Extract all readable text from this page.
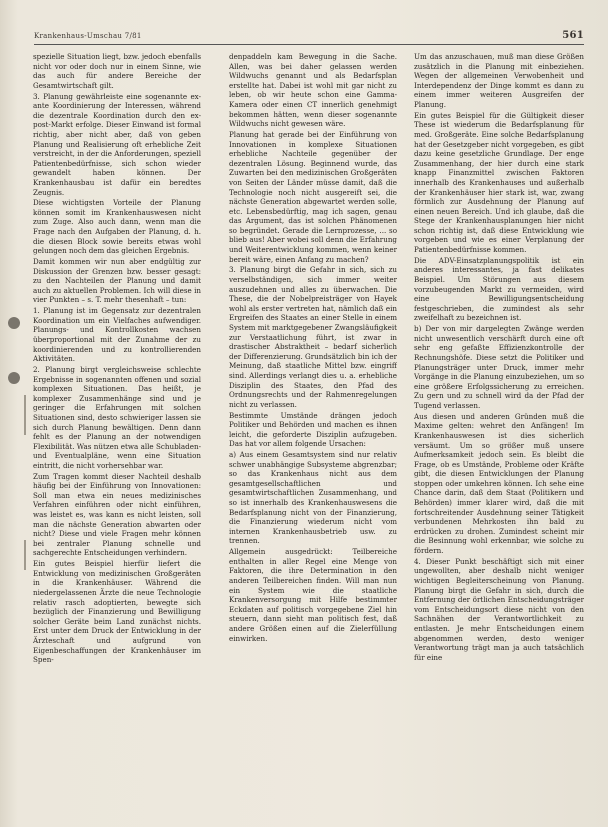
Krankenhaus-Umschau 7/81	561

spezielle Situation liegt, bzw. jedoch ebenfalls nicht vor oder doch nur in einem Sinne, wie das auch für andere Bereiche der Gesamtwirtschaft gilt.

3. Planung gewährleiste eine sogenannte ex-ante Koordinierung der Interessen, während die dezentrale Koordination durch den ex-post-Markt erfolge. Dieser Einwand ist formal richtig, aber nicht aber, daß von geben Planung und Realisierung oft erhebliche Zeit verstreicht, in der die Anforderungen, speziell Patientenbedürfnisse, sich schon wieder gewandelt haben können. Der Krankenhausbau ist dafür ein beredtes Zeugnis.

Diese wichtigsten Vorteile der Planung können somit im Krankenhauswesen nicht zum Zuge. Also auch dann, wenn man die Frage nach den Aufgaben der Planung, d. h. die diesen Block sowie bereits etwas wohl gelungen noch dem das gleichen Ergebnis.

Damit kommen wir nun aber endgültig zur Diskussion der Grenzen bzw. besser gesagt: zu den Nachteilen der Planung und damit auch zu aktuellen Problemen. Ich will diese in vier Punkten – s. T. mehr thesenhaft – tun:

1. Planung ist im Gegensatz zur dezentralen Koordination um ein Vielfaches aufwendiger. Planungs- und Kontrollkosten wachsen überproportional mit der Zunahme der zu koordinierenden und zu kontrollierenden Aktivitäten.

2. Planung birgt vergleichsweise schlechte Ergebnisse in sogenannten offenen und sozial komplexen Situationen. Das heißt, je komplexer Zusammenhänge sind und je geringer die Erfahrungen mit solchen Situationen sind, desto schwieriger lassen sie sich durch Planung bewältigen. Denn dann fehlt es der Planung an der notwendigen Flexibilität. Was nützen etwa alle Schubladen- und Eventualpläne, wenn eine Situation eintritt, die nicht vorhersehbar war.

Zum Tragen kommt dieser Nachteil deshalb häufig bei der Einführung von Innovationen: Soll man etwa ein neues medizinisches Verfahren einführen oder nicht einführen, was leistet es, was kann es nicht leisten, soll man die nächste Generation abwarten oder nicht? Diese und viele Fragen mehr können bei zentraler Planung schnelle und sachgerechte Entscheidungen verhindern.

Ein gutes Beispiel hierfür liefert die Entwicklung von medizinischen Großgeräten in die Krankenhäuser. Während die niedergelassenen Ärzte die neue Technologie relativ rasch adoptierten, bewegte sich bezüglich der Finanzierung und Bewilligung solcher Geräte beim Land zunächst nichts. Erst unter dem Druck der Entwicklung in der Ärzteschaft und aufgrund von Eigenbeschaffungen der Krankenhäuser im Spen-

denpaddeln kam Bewegung in die Sache. Allen, was bei daher gelassen werden Wildwuchs genannt und als Bedarfsplan erstellte hat. Dabei ist wohl mit gar nicht zu leben, ob wir heute schon eine Gamma-Kamera oder einen CT innerlich genehmigt bekommen hätten, wenn dieser sogenannte Wildwuchs nicht gewesen wäre.

Planung hat gerade bei der Einführung von Innovationen in komplexe Situationen erhebliche Nachteile gegenüber der dezentralen Lösung. Beginnend wurde, das Zuwarten bei den medizinischen Großgeräten von Seiten der Länder müsse damit, daß die Technologie noch nicht ausgereift sei, die nächste Generation abgewartet werden solle, etc. Lebensbedürftig, mag ich sagen, genau das Argument, das ist solchen Phänomenen so begründet. Gerade die Lernprozesse, ... so blieb aus! Aber wobei soll denn die Erfahrung und Weiterentwicklung kommen, wenn keiner bereit wäre, einen Anfang zu machen?

3. Planung birgt die Gefahr in sich, sich zu verselbständigen, sich immer weiter auszudehnen und alles zu überwachen. Die These, die der Nobelpreisträger von Hayek wohl als erster vertreten hat, nämlich daß ein Ergreifen des Staates an einer Stelle in einem System mit marktgegebener Zwangsläufigkeit zur Verstaatlichung führt, ist zwar in drastischer Abstraktheit – bedarf sicherlich der Differenzierung. Grundsätzlich bin ich der Meinung, daß staatliche Mittel bzw. eingriff sind. Allerdings verlangt dies u. a. erhebliche Disziplin des Staates, den Pfad des Ordnungsrechts und der Rahmenregelungen nicht zu verlassen.

Bestimmte Umstände drängen jedoch Politiker und Behörden und machen es ihnen leicht, die geforderte Disziplin aufzugeben. Das hat vor allem folgende Ursachen:

a) Aus einem Gesamtsystem sind nur relativ schwer unabhängige Subsysteme abgrenzbar; so das Krankenhaus nicht aus dem gesamtgesellschaftlichen und gesamtwirtschaftlichen Zusammenhang, und so ist innerhalb des Krankenhauswesens die Bedarfsplanung nicht von der Finanzierung, die Finanzierung wiederum nicht vom internen Krankenhausbetrieb usw. zu trennen.

Allgemein ausgedrückt: Teilbereiche enthalten in aller Regel eine Menge von Faktoren, die ihre Determination in den anderen Teilbereichen finden. Will man nun ein System wie die staatliche Krankenversorgung mit Hilfe bestimmter Eckdaten auf politisch vorgegebene Ziel hin steuern, dann sieht man politisch fest, daß andere Größen einen auf die Zielerfüllung einwirken.

Um das anzuschauen, muß man diese Größen zusätzlich in die Planung mit einbeziehen. Wegen der allgemeinen Verwobenheit und Interdependenz der Dinge kommt es dann zu einem immer weiteren Ausgreifen der Planung.

Ein gutes Beispiel für die Gültigkeit dieser These ist wiederum die Bedarfsplanung für med. Großgeräte. Eine solche Bedarfsplanung hat der Gesetzgeber nicht vorgegeben, es gibt dazu keine gesetzliche Grundlage. Der enge Zusammenhang, der hier durch eine stark knapp Finanzmittel zwischen Faktoren innerhalb des Krankenhauses und außerhalb der Krankenhäuser hier stark ist, war, zwang förmlich zur Ausdehnung der Planung auf einen neuen Bereich. Und ich glaube, daß die Stege der Krankenhausplanungen hier nicht schon richtig ist, daß diese Entwicklung wie vorgeben und wie es einer Verplanung der Patientenbedürfnisse kommen.

Die ADV-Einsatzplanungspolitik ist ein anderes interessantes, ja fast delikates Beispiel. Um Störungen aus diesem vorzubeugenden Markt zu vermeiden, wird eine Bewilligungsentscheidung festgeschrieben, die zumindest als sehr zweifelhaft zu bezeichnen ist.

b) Der von mir dargelegten Zwänge werden nicht unwesentlich verschärft durch eine oft sehr eng gefaßte Effizienzkontrolle der Rechnungshöfe. Diese setzt die Politiker und Planungsträger unter Druck, immer mehr Vorgänge in die Planung einzubeziehen, um so eine größere Erfolgssicherung zu erreichen. Zu gern und zu schnell wird da der Pfad der Tugend verlassen.

Aus diesen und anderen Gründen muß die Maxime gelten: wehret den Anfängen! Im Krankenhauswesen ist dies sicherlich versäumt. Um so größer muß unsere Aufmerksamkeit jedoch sein. Es bleibt die Frage, ob es Umstände, Probleme oder Kräfte gibt, die diesen Entwicklungen der Planung stoppen oder umkehren können. Ich sehe eine Chance darin, daß dem Staat (Politikern und Behörden) immer klarer wird, daß die mit fortschreitender Ausdehnung seiner Tätigkeit verbundenen Mehrkosten ihn bald zu erdrücken zu drohen. Zumindest scheint mir die Besinnung wohl erkennbar, wie solche zu fördern.

4. Dieser Punkt beschäftigt sich mit einer ungewollten, aber deshalb nicht weniger wichtigen Begleiterscheinung von Planung. Planung birgt die Gefahr in sich, durch die Entfernung der örtlichen Entscheidungsträger vom Entscheidungsort diese nicht von den Sachnähen der Verantwortlichkeit zu entlasten. Je mehr Entscheidungen einem abgenommen werden, desto weniger Verantwortung trägt man ja auch tatsächlich für eine
